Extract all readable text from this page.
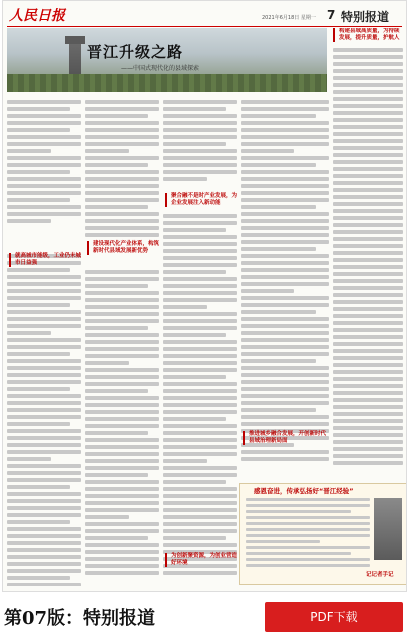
人民日报	2021年6月18日 星期一 7 特别报道
晋江升级之路
——中国式现代化的县域探索
就高城市能级，工业仍未城市日益强
建设现代化产业体系，构筑新时代县域发展新优势
聚合融不是时产业发展，为企业发展注入新动能
为创新聚资源，为创业营造好环境
构建县域高质量，为持续发展，提升质量，护航人
推进城乡融合发展，开创新时代县域治理新局面
感恩奋进，传承弘扬好“晋江经验”
记记者手记
第07版：特别报道	PDF下载
